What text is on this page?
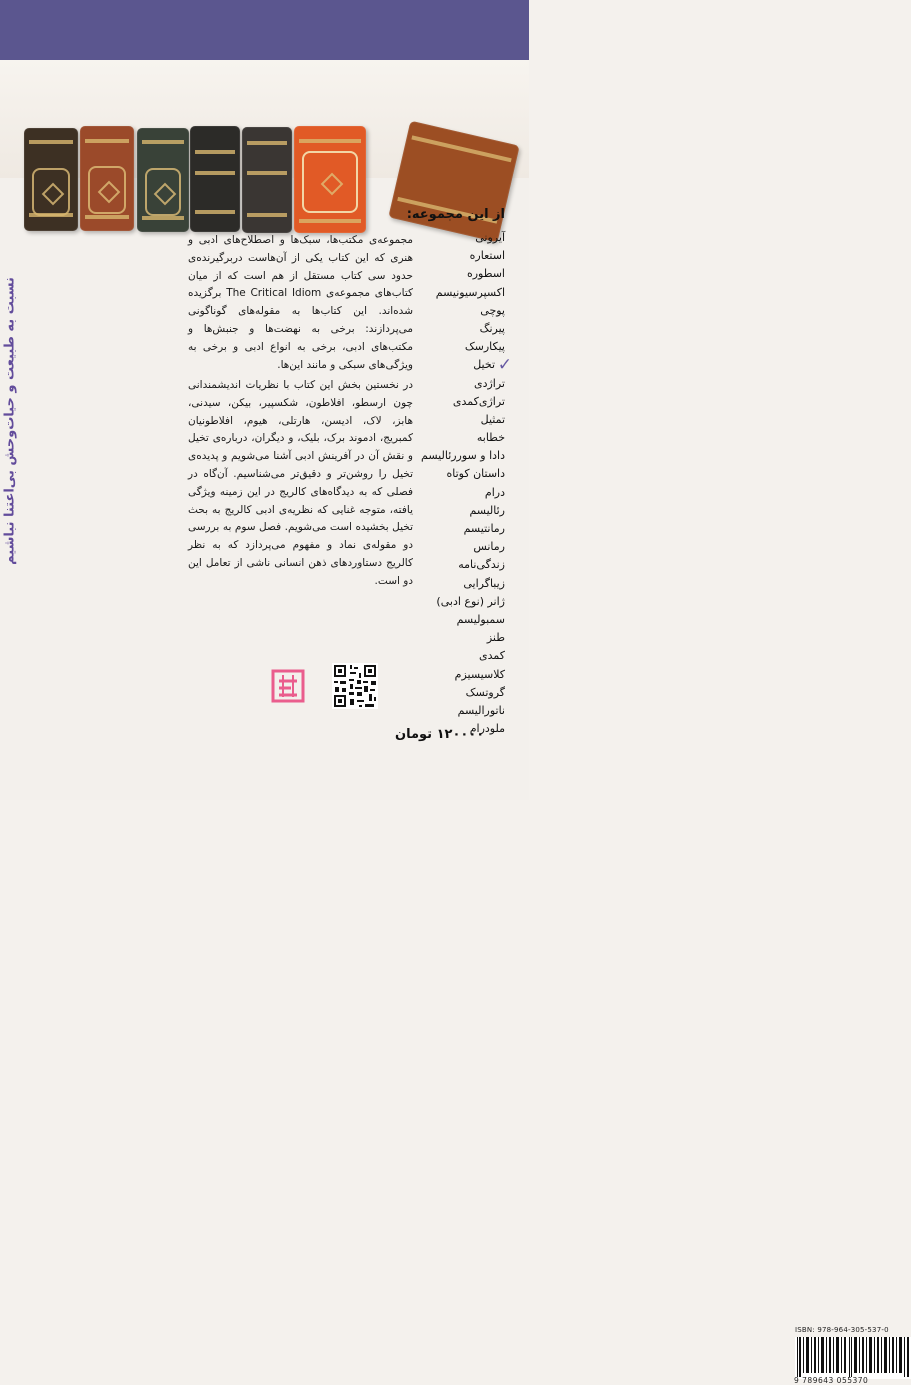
از این مجموعه:
آیرونی
استعاره
اسطوره
اکسپرسیونیسم
پوچی
پیرنگ
پیکارسک
✓
تخیل
تراژدی
تراژی‌کمدی
تمثیل
خطابه
دادا و سوررئالیسم
داستان کوتاه
درام
رئالیسم
رمانتیسم
رمانس
زندگی‌نامه
زیباگرایی
ژانر (نوع ادبی)
سمبولیسم
طنز
کمدی
کلاسیسیزم
گروتسک
ناتورالیسم
ملودرام
نسبت به طبیعت و حیات‌وحش بی‌اعتنا نباشیم

مجموعه‌ی مکتب‌ها، سبک‌ها و اصطلاح‌های ادبی و هنری که این کتاب یکی از آن‌هاست دربرگیرنده‌ی حدود سی کتاب مستقل از هم است که از میان کتاب‌های مجموعه‌ی The Critical Idiom برگزیده شده‌اند. این کتاب‌ها به مقوله‌های گوناگونی می‌پردازند: برخی به نهضت‌ها و جنبش‌ها و مکتب‌های ادبی، برخی به انواع ادبی و برخی به ویژگی‌های سبکی و مانند این‌ها.

در نخستین بخش این کتاب با نظریات اندیشمندانی چون ارسطو، افلاطون، شکسپیر، بیکن، سیدنی، هابز، لاک، ادیسن، هارتلی، هیوم، افلاطونیان کمبریج، ادموند برک، بلیک، و دیگران، درباره‌ی تخیل و نقش آن در آفرینش ادبی آشنا می‌شویم و پدیده‌ی تخیل را روشن‌تر و دقیق‌تر می‌شناسیم. آن‌گاه در فصلی که به دیدگاه‌های کالریج در این زمینه ویژگی یافته، متوجه غنایی که نظریه‌ی ادبی کالریج به بحث تخیل بخشیده است می‌شویم. فصل سوم به بررسی دو مقوله‌ی نماد و مفهوم می‌پردازد که به نظر کالریج دستاوردهای ذهن انسانی ناشی از تعامل این دو است.

ISBN: 978-964-305-537-0
9 789643 055370
۱۲۰۰۰۰ تومان
